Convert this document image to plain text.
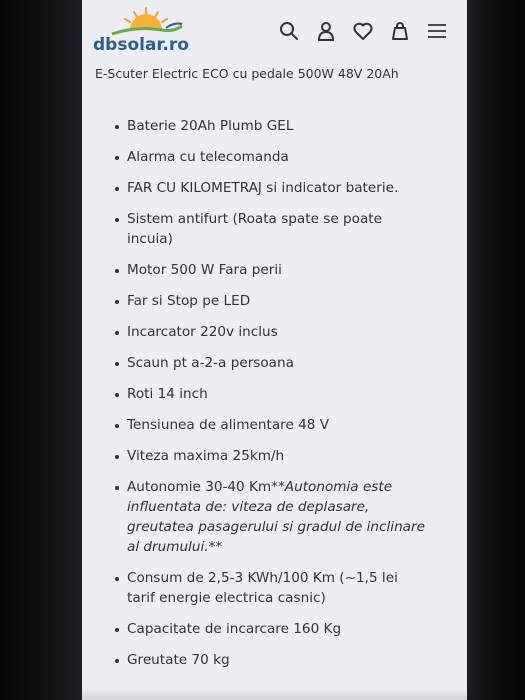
dbsolar.ro
E-Scuter Electric ECO cu pedale 500W 48V 20Ah
Baterie 20Ah Plumb GEL
Alarma cu telecomanda
FAR CU KILOMETRAJ si indicator baterie.
Sistem antifurt (Roata spate se poate incuia)
Motor 500 W Fara perii
Far si Stop pe LED
Incarcator 220v inclus
Scaun pt a-2-a persoana
Roti 14 inch
Tensiunea de alimentare 48 V
Viteza maxima 25km/h
Autonomie 30-40 Km**Autonomia este influentata de: viteza de deplasare, greutatea pasagerului si gradul de inclinare al drumului.**
Consum de 2,5-3 KWh/100 Km (~1,5 lei tarif energie electrica casnic)
Capacitate de incarcare 160 Kg
Greutate 70 kg
